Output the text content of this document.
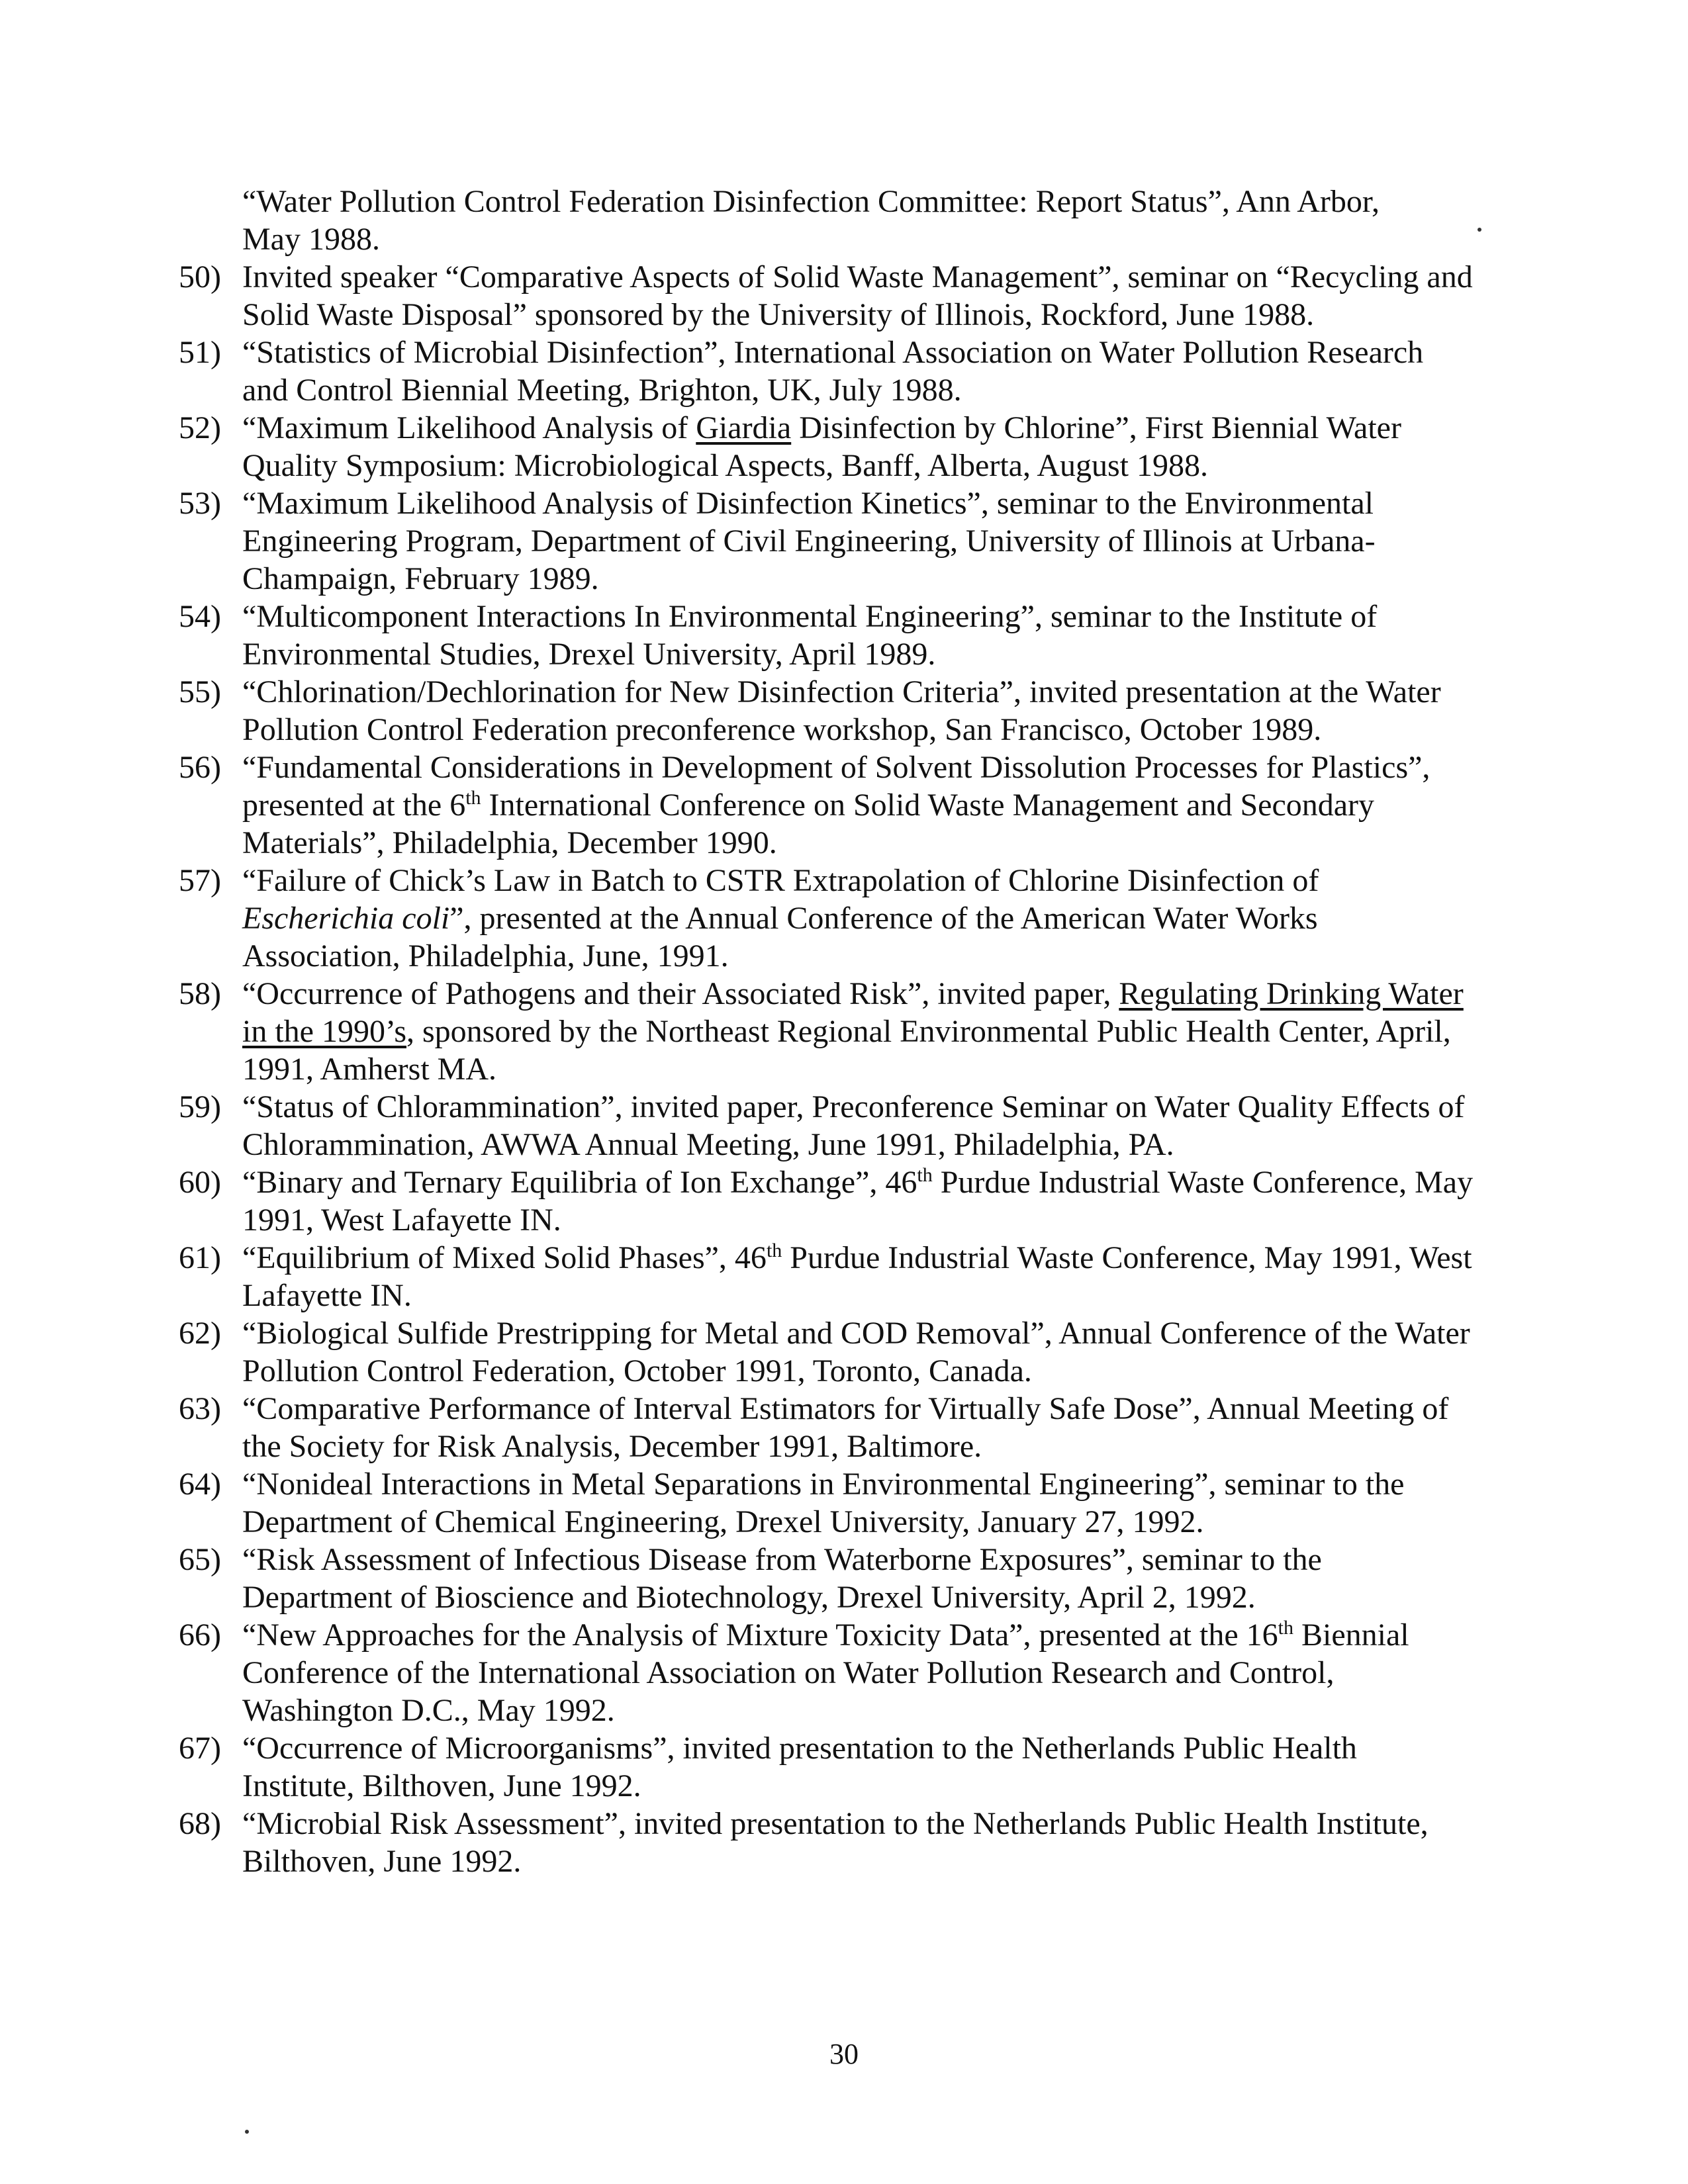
“Water Pollution Control Federation Disinfection Committee: Report Status”, Ann Arbor,
May 1988.

50) Invited speaker “Comparative Aspects of Solid Waste Management”, seminar on “Recycling and Solid Waste Disposal” sponsored by the University of Illinois, Rockford, June 1988.

51) “Statistics of Microbial Disinfection”, International Association on Water Pollution Research and Control Biennial Meeting, Brighton, UK, July 1988.

52) “Maximum Likelihood Analysis of Giardia Disinfection by Chlorine”, First Biennial Water Quality Symposium: Microbiological Aspects, Banff, Alberta, August 1988.

53) “Maximum Likelihood Analysis of Disinfection Kinetics”, seminar to the Environmental Engineering Program, Department of Civil Engineering, University of Illinois at Urbana-Champaign, February 1989.

54) “Multicomponent Interactions In Environmental Engineering”, seminar to the Institute of Environmental Studies, Drexel University, April 1989.

55) “Chlorination/Dechlorination for New Disinfection Criteria”, invited presentation at the Water Pollution Control Federation preconference workshop, San Francisco, October 1989.

56) “Fundamental Considerations in Development of Solvent Dissolution Processes for Plastics”, presented at the 6th International Conference on Solid Waste Management and Secondary Materials”, Philadelphia, December 1990.

57) “Failure of Chick’s Law in Batch to CSTR Extrapolation of Chlorine Disinfection of Escherichia coli”, presented at the Annual Conference of the American Water Works Association, Philadelphia, June, 1991.

58) “Occurrence of Pathogens and their Associated Risk”, invited paper, Regulating Drinking Water in the 1990’s, sponsored by the Northeast Regional Environmental Public Health Center, April, 1991, Amherst MA.

59) “Status of Chlorammination”, invited paper, Preconference Seminar on Water Quality Effects of Chlorammination, AWWA Annual Meeting, June 1991, Philadelphia, PA.

60) “Binary and Ternary Equilibria of Ion Exchange”, 46th Purdue Industrial Waste Conference, May 1991, West Lafayette IN.

61) “Equilibrium of Mixed Solid Phases”, 46th Purdue Industrial Waste Conference, May 1991, West Lafayette IN.

62) “Biological Sulfide Prestripping for Metal and COD Removal”, Annual Conference of the Water Pollution Control Federation, October 1991, Toronto, Canada.

63) “Comparative Performance of Interval Estimators for Virtually Safe Dose”, Annual Meeting of the Society for Risk Analysis, December 1991, Baltimore.

64) “Nonideal Interactions in Metal Separations in Environmental Engineering”, seminar to the Department of Chemical Engineering, Drexel University, January 27, 1992.

65) “Risk Assessment of Infectious Disease from Waterborne Exposures”, seminar to the Department of Bioscience and Biotechnology, Drexel University, April 2, 1992.

66) “New Approaches for the Analysis of Mixture Toxicity Data”, presented at the 16th Biennial Conference of the International Association on Water Pollution Research and Control, Washington D.C., May 1992.

67) “Occurrence of Microorganisms”, invited presentation to the Netherlands Public Health Institute, Bilthoven, June 1992.

68) “Microbial Risk Assessment”, invited presentation to the Netherlands Public Health Institute, Bilthoven, June 1992.

30
